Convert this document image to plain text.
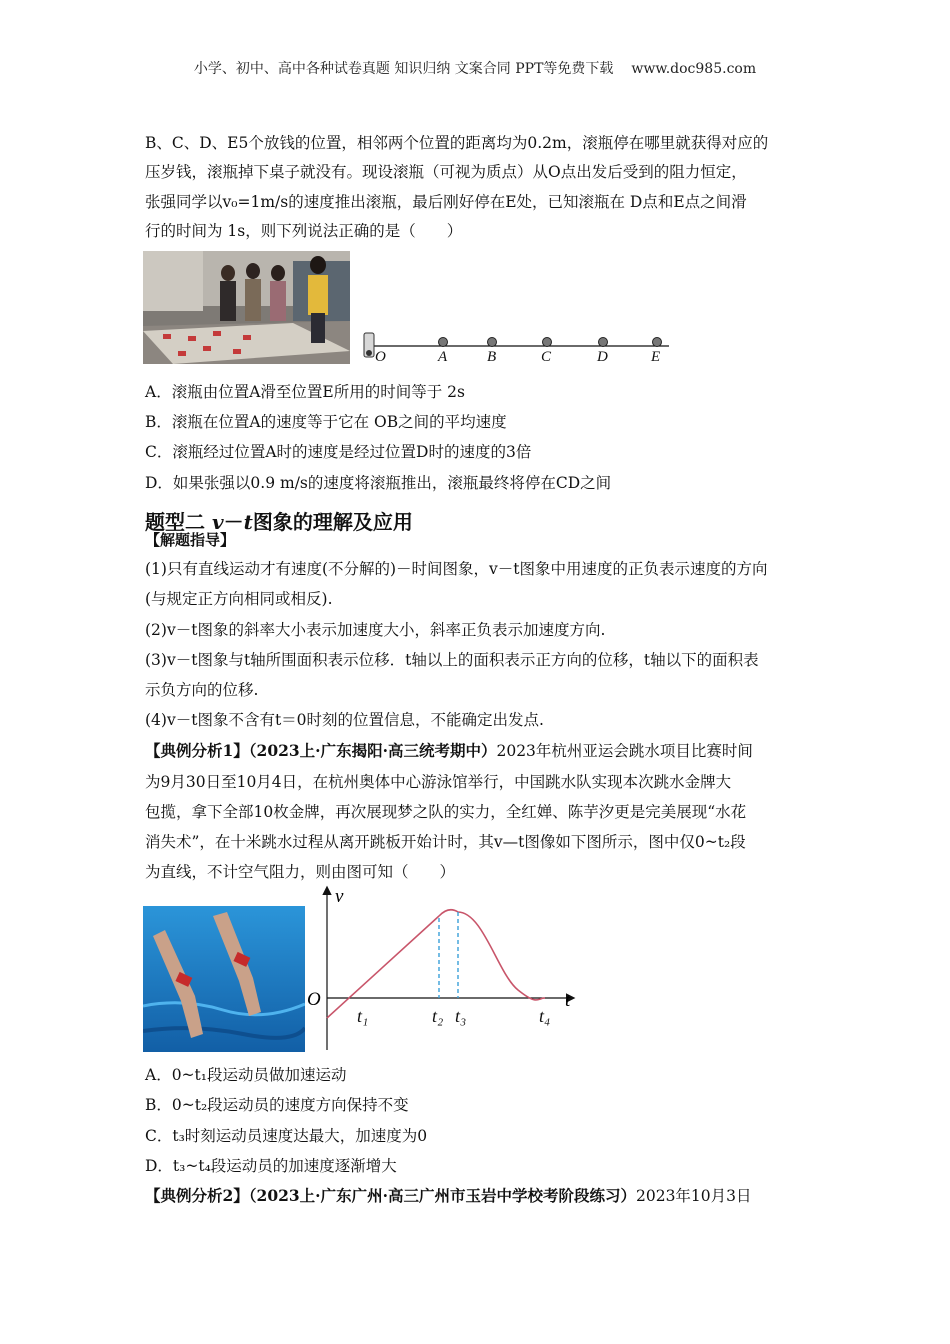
小学、初中、高中各种试卷真题 知识归纳 文案合同 PPT等免费下载 www.doc985.com
B、C、D、E5个放钱的位置，相邻两个位置的距离均为0.2m，滚瓶停在哪里就获得对应的
压岁钱，滚瓶掉下桌子就没有。现设滚瓶（可视为质点）从O点出发后受到的阻力恒定，
张强同学以v₀=1m/s的速度推出滚瓶，最后刚好停在E处，已知滚瓶在 D点和E点之间滑
行的时间为 1s，则下列说法正确的是（　　）
O	A	B	C	D	E
A．滚瓶由位置A滑至位置E所用的时间等于 2s
B．滚瓶在位置A的速度等于它在 OB之间的平均速度
C．滚瓶经过位置A时的速度是经过位置D时的速度的3倍
D．如果张强以0.9 m/s的速度将滚瓶推出，滚瓶最终将停在CD之间
题型二 v－t图象的理解及应用
【解题指导】
(1)只有直线运动才有速度(不分解的)－时间图象，v－t图象中用速度的正负表示速度的方向
(与规定正方向相同或相反).
(2)v－t图象的斜率大小表示加速度大小，斜率正负表示加速度方向.
(3)v－t图象与t轴所围面积表示位移．t轴以上的面积表示正方向的位移，t轴以下的面积表
示负方向的位移.
(4)v－t图象不含有t＝0时刻的位置信息，不能确定出发点.
【典例分析1】（2023上·广东揭阳·高三统考期中）2023年杭州亚运会跳水项目比赛时间
为9月30日至10月4日，在杭州奥体中心游泳馆举行，中国跳水队实现本次跳水金牌大
包揽，拿下全部10枚金牌，再次展现梦之队的实力，全红婵、陈芋汐更是完美展现“水花
消失术”，在十米跳水过程从离开跳板开始计时，其v—t图像如下图所示，图中仅0~t₂段
为直线，不计空气阻力，则由图可知（　　）
v
t
O
t₁	t₂ t₃	t₄
A．0~t₁段运动员做加速运动
B．0~t₂段运动员的速度方向保持不变
C．t₃时刻运动员速度达最大，加速度为0
D．t₃~t₄段运动员的加速度逐渐增大
【典例分析2】（2023上·广东广州·高三广州市玉岩中学校考阶段练习）2023年10月3日
